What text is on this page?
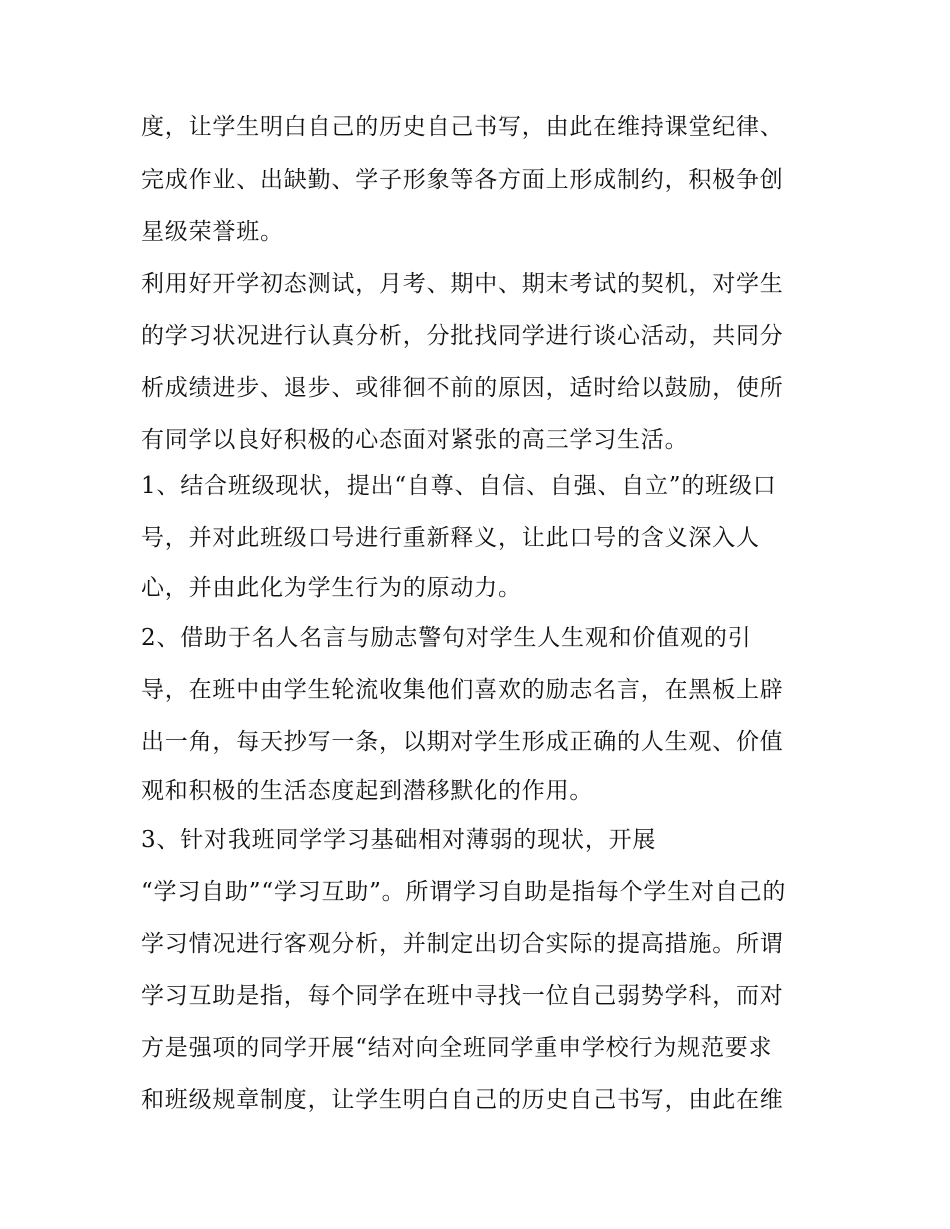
度，让学生明白自己的历史自己书写，由此在维持课堂纪律、

完成作业、出缺勤、学子形象等各方面上形成制约，积极争创

星级荣誉班。

利用好开学初态测试，月考、期中、期末考试的契机，对学生

的学习状况进行认真分析，分批找同学进行谈心活动，共同分

析成绩进步、退步、或徘徊不前的原因，适时给以鼓励，使所

有同学以良好积极的心态面对紧张的高三学习生活。

1、结合班级现状，提出“自尊、自信、自强、自立”的班级口

号，并对此班级口号进行重新释义，让此口号的含义深入人

心，并由此化为学生行为的原动力。

2、借助于名人名言与励志警句对学生人生观和价值观的引

导，在班中由学生轮流收集他们喜欢的励志名言，在黑板上辟

出一角，每天抄写一条，以期对学生形成正确的人生观、价值

观和积极的生活态度起到潜移默化的作用。

3、针对我班同学学习基础相对薄弱的现状，开展

“学习自助”“学习互助”。所谓学习自助是指每个学生对自己的

学习情况进行客观分析，并制定出切合实际的提高措施。所谓

学习互助是指，每个同学在班中寻找一位自己弱势学科，而对

方是强项的同学开展“结对向全班同学重申学校行为规范要求

和班级规章制度，让学生明白自己的历史自己书写，由此在维
